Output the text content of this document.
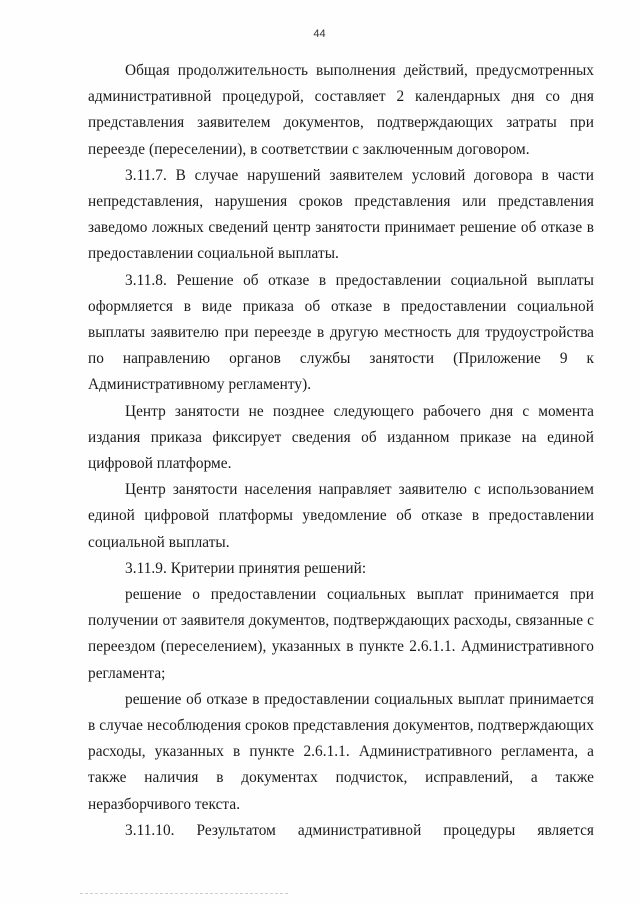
44

Общая продолжительность выполнения действий, предусмотренных административной процедурой, составляет 2 календарных дня со дня представления заявителем документов, подтверждающих затраты при переезде (переселении), в соответствии с заключенным договором.

3.11.7. В случае нарушений заявителем условий договора в части непредставления, нарушения сроков представления или представления заведомо ложных сведений центр занятости принимает решение об отказе в предоставлении социальной выплаты.

3.11.8. Решение об отказе в предоставлении социальной выплаты оформляется в виде приказа об отказе в предоставлении социальной выплаты заявителю при переезде в другую местность для трудоустройства по направлению органов службы занятости (Приложение 9 к Административному регламенту).

Центр занятости не позднее следующего рабочего дня с момента издания приказа фиксирует сведения об изданном приказе на единой цифровой платформе.

Центр занятости населения направляет заявителю с использованием единой цифровой платформы уведомление об отказе в предоставлении социальной выплаты.

3.11.9. Критерии принятия решений:

решение о предоставлении социальных выплат принимается при получении от заявителя документов, подтверждающих расходы, связанные с переездом (переселением), указанных в пункте 2.6.1.1. Административного регламента;

решение об отказе в предоставлении социальных выплат принимается в случае несоблюдения сроков представления документов, подтверждающих расходы, указанных в пункте 2.6.1.1. Административного регламента, а также наличия в документах подчисток, исправлений, а также неразборчивого текста.

3.11.10. Результатом административной процедуры является
